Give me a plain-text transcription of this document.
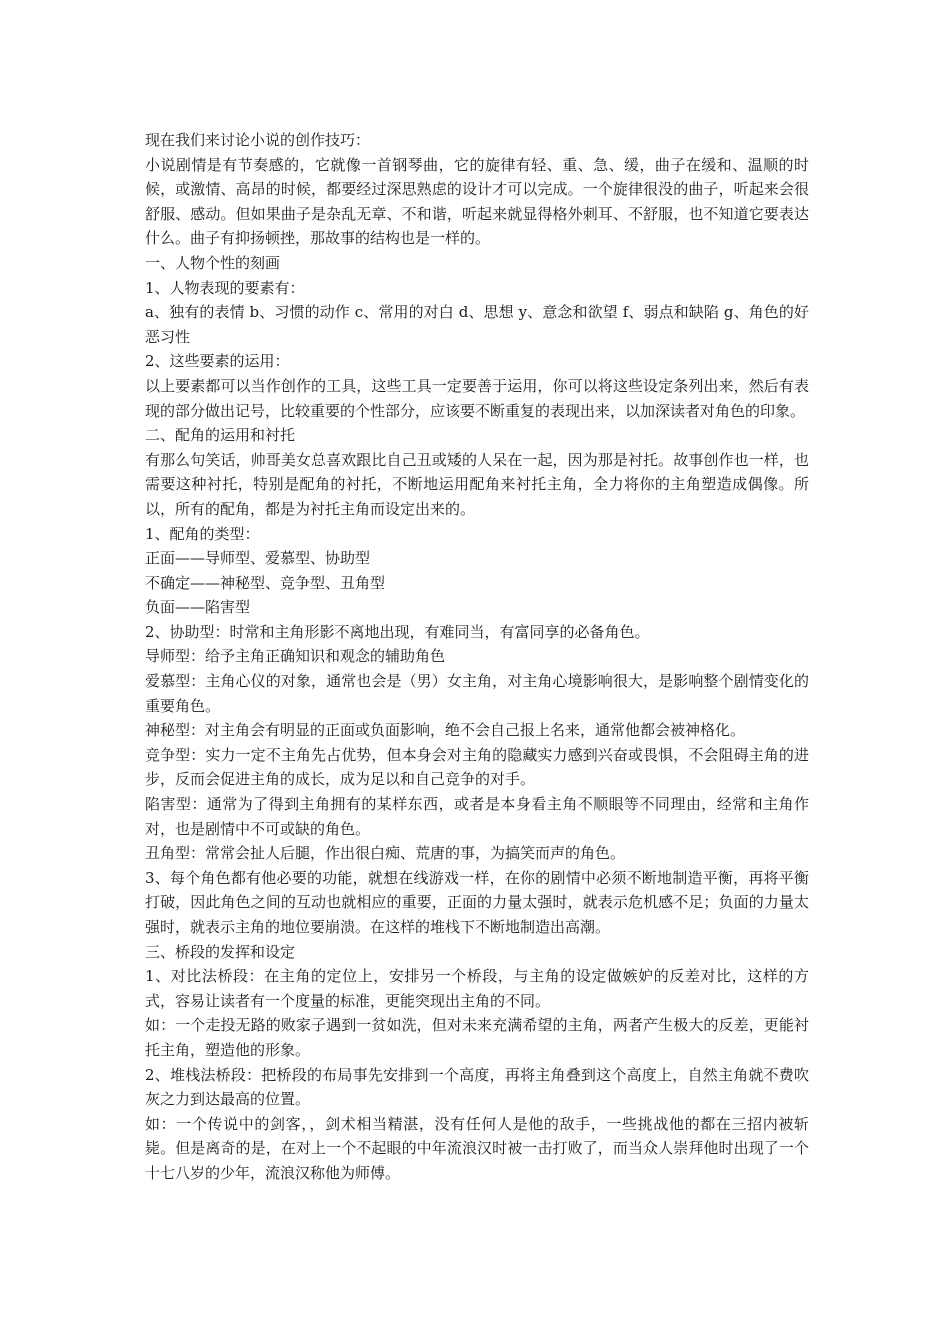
现在我们来讨论小说的创作技巧：

小说剧情是有节奏感的，它就像一首钢琴曲，它的旋律有轻、重、急、缓，曲子在缓和、温顺的时候，或激情、高昂的时候，都要经过深思熟虑的设计才可以完成。一个旋律很没的曲子，听起来会很舒服、感动。但如果曲子是杂乱无章、不和谐，听起来就显得格外刺耳、不舒服，也不知道它要表达什么。曲子有抑扬顿挫，那故事的结构也是一样的。

一、人物个性的刻画

1、人物表现的要素有：

a、独有的表情 b、习惯的动作 c、常用的对白 d、思想 y、意念和欲望 f、弱点和缺陷 g、角色的好恶习性

2、这些要素的运用：

以上要素都可以当作创作的工具，这些工具一定要善于运用，你可以将这些设定条列出来，然后有表现的部分做出记号，比较重要的个性部分，应该要不断重复的表现出来，以加深读者对角色的印象。

二、配角的运用和衬托

有那么句笑话，帅哥美女总喜欢跟比自己丑或矮的人呆在一起，因为那是衬托。故事创作也一样，也需要这种衬托，特别是配角的衬托，不断地运用配角来衬托主角，全力将你的主角塑造成偶像。所以，所有的配角，都是为衬托主角而设定出来的。

1、配角的类型：

正面——导师型、爱慕型、协助型

不确定——神秘型、竞争型、丑角型

负面——陷害型

2、协助型：时常和主角形影不离地出现，有难同当，有富同享的必备角色。

导师型：给予主角正确知识和观念的辅助角色

爱慕型：主角心仪的对象，通常也会是（男）女主角，对主角心境影响很大，是影响整个剧情变化的重要角色。

神秘型：对主角会有明显的正面或负面影响，绝不会自己报上名来，通常他都会被神格化。

竞争型：实力一定不主角先占优势，但本身会对主角的隐藏实力感到兴奋或畏惧，不会阻碍主角的进步，反而会促进主角的成长，成为足以和自己竞争的对手。

陷害型：通常为了得到主角拥有的某样东西，或者是本身看主角不顺眼等不同理由，经常和主角作对，也是剧情中不可或缺的角色。

丑角型：常常会扯人后腿，作出很白痴、荒唐的事，为搞笑而声的角色。

3、每个角色都有他必要的功能，就想在线游戏一样，在你的剧情中必须不断地制造平衡，再将平衡打破，因此角色之间的互动也就相应的重要，正面的力量太强时，就表示危机感不足；负面的力量太强时，就表示主角的地位要崩溃。在这样的堆栈下不断地制造出高潮。

三、桥段的发挥和设定

1、对比法桥段：在主角的定位上，安排另一个桥段，与主角的设定做嫉妒的反差对比，这样的方式，容易让读者有一个度量的标准，更能突现出主角的不同。

如：一个走投无路的败家子遇到一贫如洗，但对未来充满希望的主角，两者产生极大的反差，更能衬托主角，塑造他的形象。

2、堆栈法桥段：把桥段的布局事先安排到一个高度，再将主角叠到这个高度上，自然主角就不费吹灰之力到达最高的位置。

如：一个传说中的剑客，，剑术相当精湛，没有任何人是他的敌手，一些挑战他的都在三招内被斩毙。但是离奇的是，在对上一个不起眼的中年流浪汉时被一击打败了，而当众人崇拜他时出现了一个十七八岁的少年，流浪汉称他为师傅。
